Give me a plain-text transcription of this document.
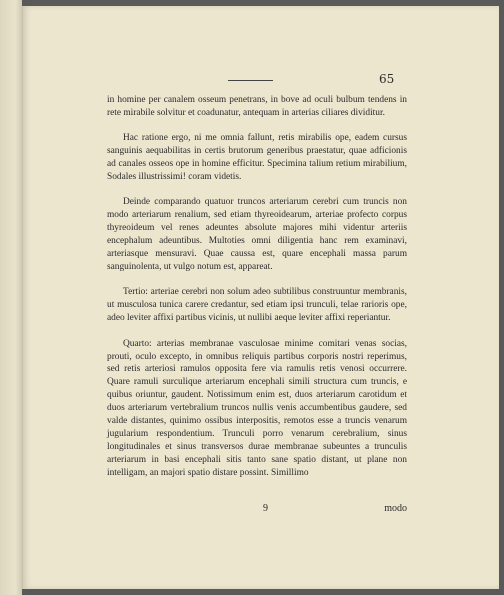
65

in homine per canalem osseum penetrans, in bove ad oculi bulbum tendens in rete mirabile solvitur et coadunatur, antequam in arterias ciliares dividitur.

Hac ratione ergo, ni me omnia fallunt, retis mirabilis ope, eadem cursus sanguinis aequabilitas in certis brutorum generibus praestatur, quae adficionis ad canales osseos ope in homine efficitur. Specimina talium retium mirabilium, Sodales illustrissimi! coram videtis.

Deinde comparando quatuor truncos arteriarum cerebri cum truncis non modo arteriarum renalium, sed etiam thyreoidearum, arteriae profecto corpus thyreoideum vel renes adeuntes absolute majores mihi videntur arteriis encephalum adeuntibus. Multoties omni diligentia hanc rem examinavi, arteriasque mensuravi. Quae caussa est, quare encephali massa parum sanguinolenta, ut vulgo notum est, appareat.

Tertio: arteriae cerebri non solum adeo subtilibus construuntur membranis, ut musculosa tunica carere credantur, sed etiam ipsi trunculi, telae rarioris ope, adeo leviter affixi partibus vicinis, ut nullibi aeque leviter affixi reperiantur.

Quarto: arterias membranae vasculosae minime comitari venas socias, prouti, oculo excepto, in omnibus reliquis partibus corporis nostri reperimus, sed retis arteriosi ramulos opposita fere via ramulis retis venosi occurrere. Quare ramuli surculique arteriarum encephali simili structura cum truncis, e quibus oriuntur, gaudent. Notissimum enim est, duos arteriarum carotidum et duos arteriarum vertebralium truncos nullis venis accumbentibus gaudere, sed valde distantes, quinimo ossibus interpositis, remotos esse a truncis venarum jugularium respondentium. Trunculi porro venarum cerebralium, sinus longitudinales et sinus transversos durae membranae subeuntes a trunculis arteriarum in basi encephali sitis tanto sane spatio distant, ut plane non intelligam, an majori spatio distare possint. Simillimo

9	modo
